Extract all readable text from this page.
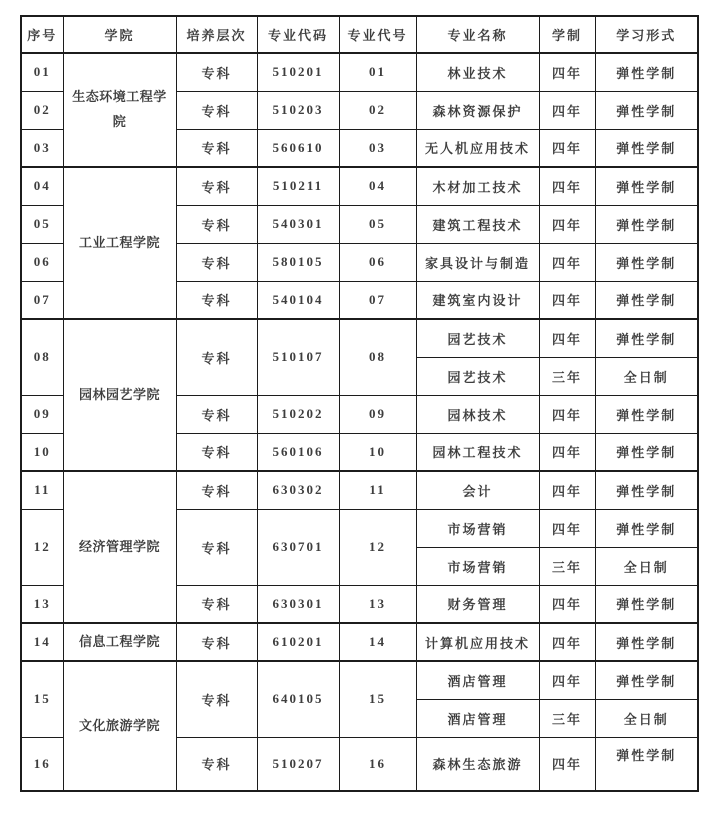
序号	学院	培养层次	专业代码	专业代号	专业名称	学制	学习形式
01	生态环境工程学院	专科	510201	01	林业技术	四年	弹性学制
02		专科	510203	02	森林资源保护	四年	弹性学制
03		专科	560610	03	无人机应用技术	四年	弹性学制
04	工业工程学院	专科	510211	04	木材加工技术	四年	弹性学制
05		专科	540301	05	建筑工程技术	四年	弹性学制
06		专科	580105	06	家具设计与制造	四年	弹性学制
07		专科	540104	07	建筑室内设计	四年	弹性学制
08	园林园艺学院	专科	510107	08	园艺技术	四年	弹性学制
					园艺技术	三年	全日制
09		专科	510202	09	园林技术	四年	弹性学制
10		专科	560106	10	园林工程技术	四年	弹性学制
11	经济管理学院	专科	630302	11	会计	四年	弹性学制
12		专科	630701	12	市场营销	四年	弹性学制
					市场营销	三年	全日制
13		专科	630301	13	财务管理	四年	弹性学制
14	信息工程学院	专科	610201	14	计算机应用技术	四年	弹性学制
15	文化旅游学院	专科	640105	15	酒店管理	四年	弹性学制
					酒店管理	三年	全日制
16		专科	510207	16	森林生态旅游	四年	弹性学制
